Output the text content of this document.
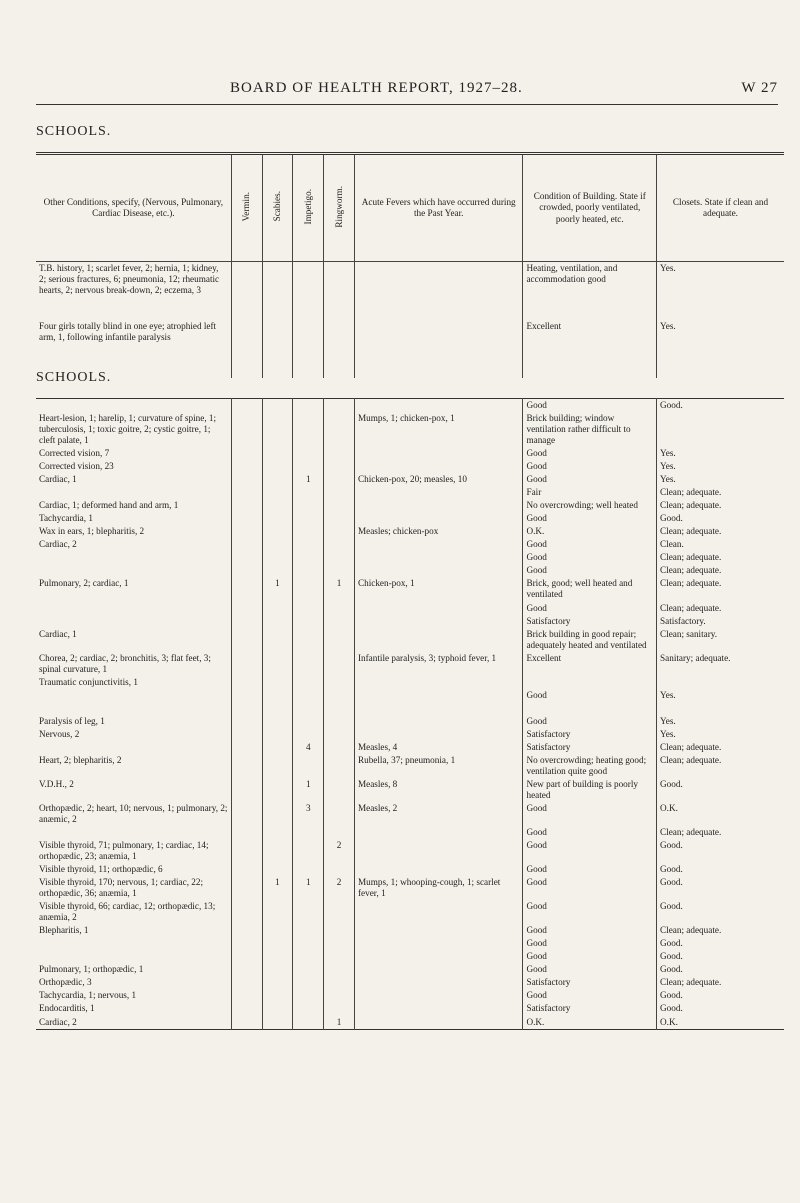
BOARD OF HEALTH REPORT, 1927–28.	W 27
SCHOOLS.
Other Conditions, specify, (Nervous, Pulmonary, Cardiac Disease, etc.).	Vermin.	Scabies.	Impetigo.	Ringworm.	Acute Fevers which have occurred during the Past Year.	Condition of Building. State if crowded, poorly ventilated, poorly heated, etc.	Closets. State if clean and adequate.

T.B. history, 1; scarlet fever, 2; hernia, 1; kidney, 2; serious fractures, 6; pneumonia, 12; rheumatic hearts, 2; nervous break-down, 2; eczema, 3						Heating, ventilation, and accommodation good	Yes.

Four girls totally blind in one eye; atrophied left arm, 1, following infantile paralysis						Excellent	Yes.
SCHOOLS.

						Good	Good.

Heart-lesion, 1; harelip, 1; curvature of spine, 1; tuberculosis, 1; toxic goitre, 2; cystic goitre, 1; cleft palate, 1					Mumps, 1; chicken-pox, 1	Brick building; window ventilation rather difficult to manage	

Corrected vision, 7						Good	Yes.

Corrected vision, 23						Good	Yes.

Cardiac, 1			1		Chicken-pox, 20; measles, 10	Good	Yes.

						Fair	Clean; adequate.

Cardiac, 1; deformed hand and arm, 1						No overcrowding; well heated	Clean; adequate.

Tachycardia, 1						Good	Good.

Wax in ears, 1; blepharitis, 2					Measles; chicken-pox	O.K.	Clean; adequate.

Cardiac, 2						Good	Clean.

						Good	Clean; adequate.

						Good	Clean; adequate.

Pulmonary, 2; cardiac, 1		1		1	Chicken-pox, 1	Brick, good; well heated and ventilated	Clean; adequate.

						Good	Clean; adequate.

						Satisfactory	Satisfactory.

Cardiac, 1						Brick building in good repair; adequately heated and ventilated	Clean; sanitary.

Chorea, 2; cardiac, 2; bronchitis, 3; flat feet, 3; spinal curvature, 1					Infantile paralysis, 3; typhoid fever, 1	Excellent	Sanitary; adequate.

Traumatic conjunctivitis, 1							

						Good	Yes.

Paralysis of leg, 1						Good	Yes.

Nervous, 2						Satisfactory	Yes.

			4		Measles, 4	Satisfactory	Clean; adequate.

Heart, 2; blepharitis, 2					Rubella, 37; pneumonia, 1	No overcrowding; heating good; ventilation quite good	Clean; adequate.

V.D.H., 2			1		Measles, 8	New part of building is poorly heated	Good.

Orthopædic, 2; heart, 10; nervous, 1; pulmonary, 2; anæmic, 2			3		Measles, 2	Good	O.K.

						Good	Clean; adequate.

Visible thyroid, 71; pulmonary, 1; cardiac, 14; orthopædic, 23; anæmia, 1				2		Good	Good.

Visible thyroid, 11; orthopædic, 6						Good	Good.

Visible thyroid, 170; nervous, 1; cardiac, 22; orthopædic, 36; anæmia, 1		1	1	2	Mumps, 1; whooping-cough, 1; scarlet fever, 1	Good	Good.

Visible thyroid, 66; cardiac, 12; orthopædic, 13; anæmia, 2						Good	Good.

Blepharitis, 1						Good	Clean; adequate.

						Good	Good.

						Good	Good.

Pulmonary, 1; orthopædic, 1						Good	Good.

Orthopædic, 3						Satisfactory	Clean; adequate.

Tachycardia, 1; nervous, 1						Good	Good.

Endocarditis, 1						Satisfactory	Good.

Cardiac, 2				1		O.K.	O.K.
